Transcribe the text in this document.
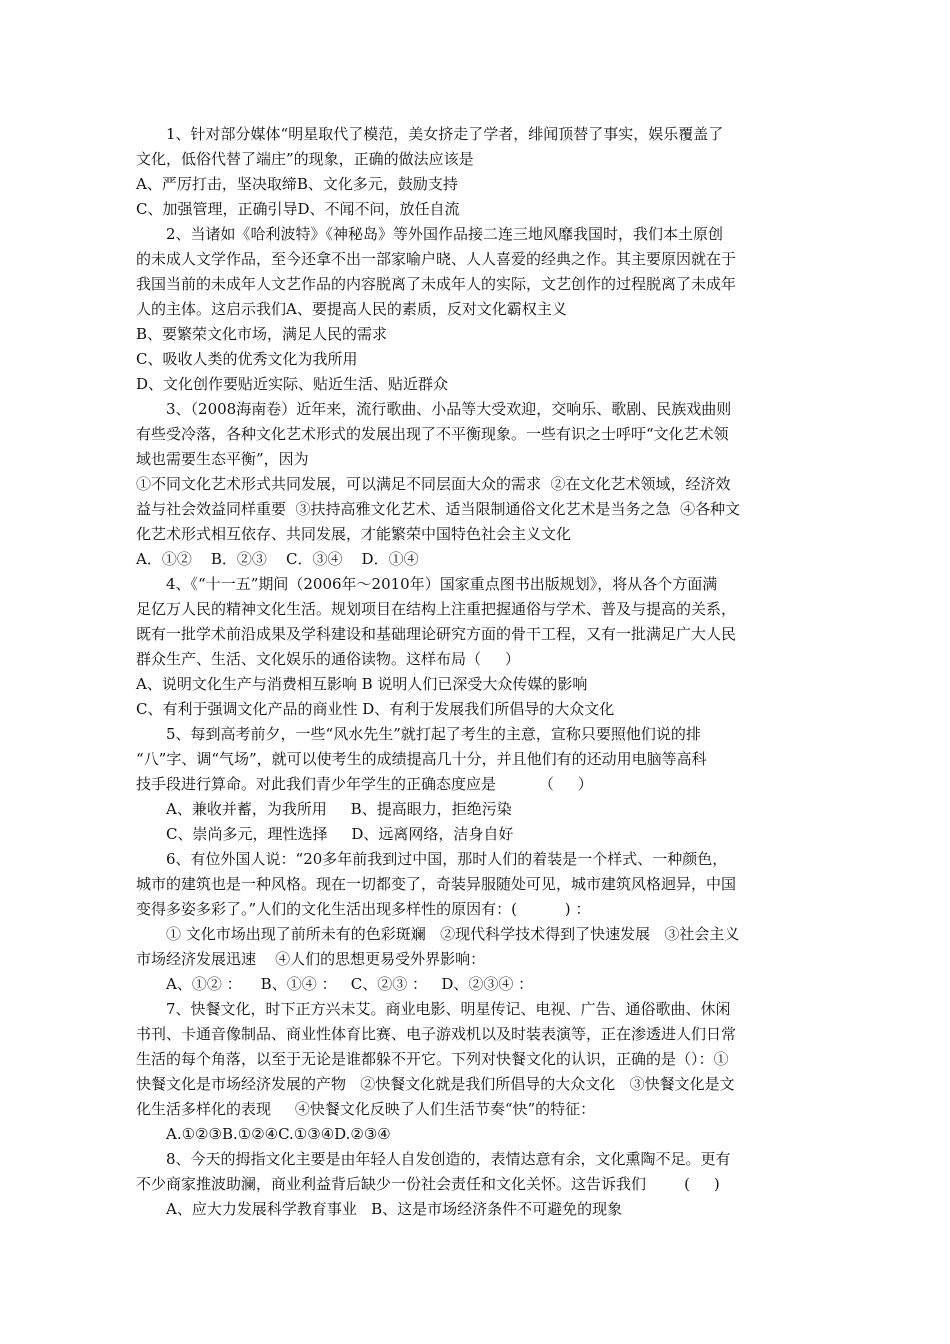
1、针对部分媒体“明星取代了模范，美女挤走了学者，绯闻顶替了事实，娱乐覆盖了
文化，低俗代替了端庄”的现象，正确的做法应该是
A、严厉打击，坚决取缔B、文化多元，鼓励支持
C、加强管理，正确引导D、不闻不问，放任自流
2、当诸如《哈利波特》《神秘岛》等外国作品接二连三地风靡我国时，我们本土原创
的未成人文学作品，至今还拿不出一部家喻户晓、人人喜爱的经典之作。其主要原因就在于
我国当前的未成年人文艺作品的内容脱离了未成年人的实际，文艺创作的过程脱离了未成年
人的主体。这启示我们A、要提高人民的素质，反对文化霸权主义
B、要繁荣文化市场，满足人民的需求
C、吸收人类的优秀文化为我所用
D、文化创作要贴近实际、贴近生活、贴近群众
3、（2008海南卷）近年来，流行歌曲、小品等大受欢迎，交响乐、歌剧、民族戏曲则
有些受冷落，各种文化艺术形式的发展出现了不平衡现象。一些有识之士呼吁“文化艺术领
域也需要生态平衡”，因为
①不同文化艺术形式共同发展，可以满足不同层面大众的需求  ②在文化艺术领域，经济效
益与社会效益同样重要  ③扶持高雅文化艺术、适当限制通俗文化艺术是当务之急  ④各种文
化艺术形式相互依存、共同发展，才能繁荣中国特色社会主义文化
A．①②    B．②③    C．③④    D．①④
4、《“十一五”期间（2006年～2010年）国家重点图书出版规划》，将从各个方面满
足亿万人民的精神文化生活。规划项目在结构上注重把握通俗与学术、普及与提高的关系，
既有一批学术前沿成果及学科建设和基础理论研究方面的骨干工程，又有一批满足广大人民
群众生产、生活、文化娱乐的通俗读物。这样布局（     ）
A、说明文化生产与消费相互影响 B 说明人们已深受大众传媒的影响
C、有利于强调文化产品的商业性 D、有利于发展我们所倡导的大众文化
5、每到高考前夕，一些“风水先生”就打起了考生的主意，宣称只要照他们说的排
“八”字、调“气场”，就可以使考生的成绩提高几十分，并且他们有的还动用电脑等高科
技手段进行算命。对此我们青少年学生的正确态度应是         （     ）
A、兼收并蓄，为我所用     B、提高眼力，拒绝污染
C、崇尚多元，理性选择     D、远离网络，洁身自好
6、有位外国人说：“20多年前我到过中国，那时人们的着装是一个样式、一种颜色，
城市的建筑也是一种风格。现在一切都变了，奇装异服随处可见，城市建筑风格迥异，中国
变得多姿多彩了。”人们的文化生活出现多样性的原因有：(          ) ：
① 文化市场出现了前所未有的色彩斑斓   ②现代科学技术得到了快速发展   ③社会主义
市场经济发展迅速    ④人们的思想更易受外界影响：
A、①② ：    B、①④ ：   C、②③ ：   D、②③④ ：
7、快餐文化，时下正方兴未艾。商业电影、明星传记、电视、广告、通俗歌曲、休闲
书刊、卡通音像制品、商业性体育比赛、电子游戏机以及时装表演等，正在渗透进人们日常
生活的每个角落，以至于无论是谁都躲不开它。下列对快餐文化的认识，正确的是（）：①
快餐文化是市场经济发展的产物   ②快餐文化就是我们所倡导的大众文化   ③快餐文化是文
化生活多样化的表现     ④快餐文化反映了人们生活节奏“快”的特征：
A.①②③B.①②④C.①③④D.②③④
8、今天的拇指文化主要是由年轻人自发创造的，表情达意有余，文化熏陶不足。更有
不少商家推波助澜，商业利益背后缺少一份社会责任和文化关怀。这告诉我们        (     )
A、应大力发展科学教育事业   B、这是市场经济条件不可避免的现象
